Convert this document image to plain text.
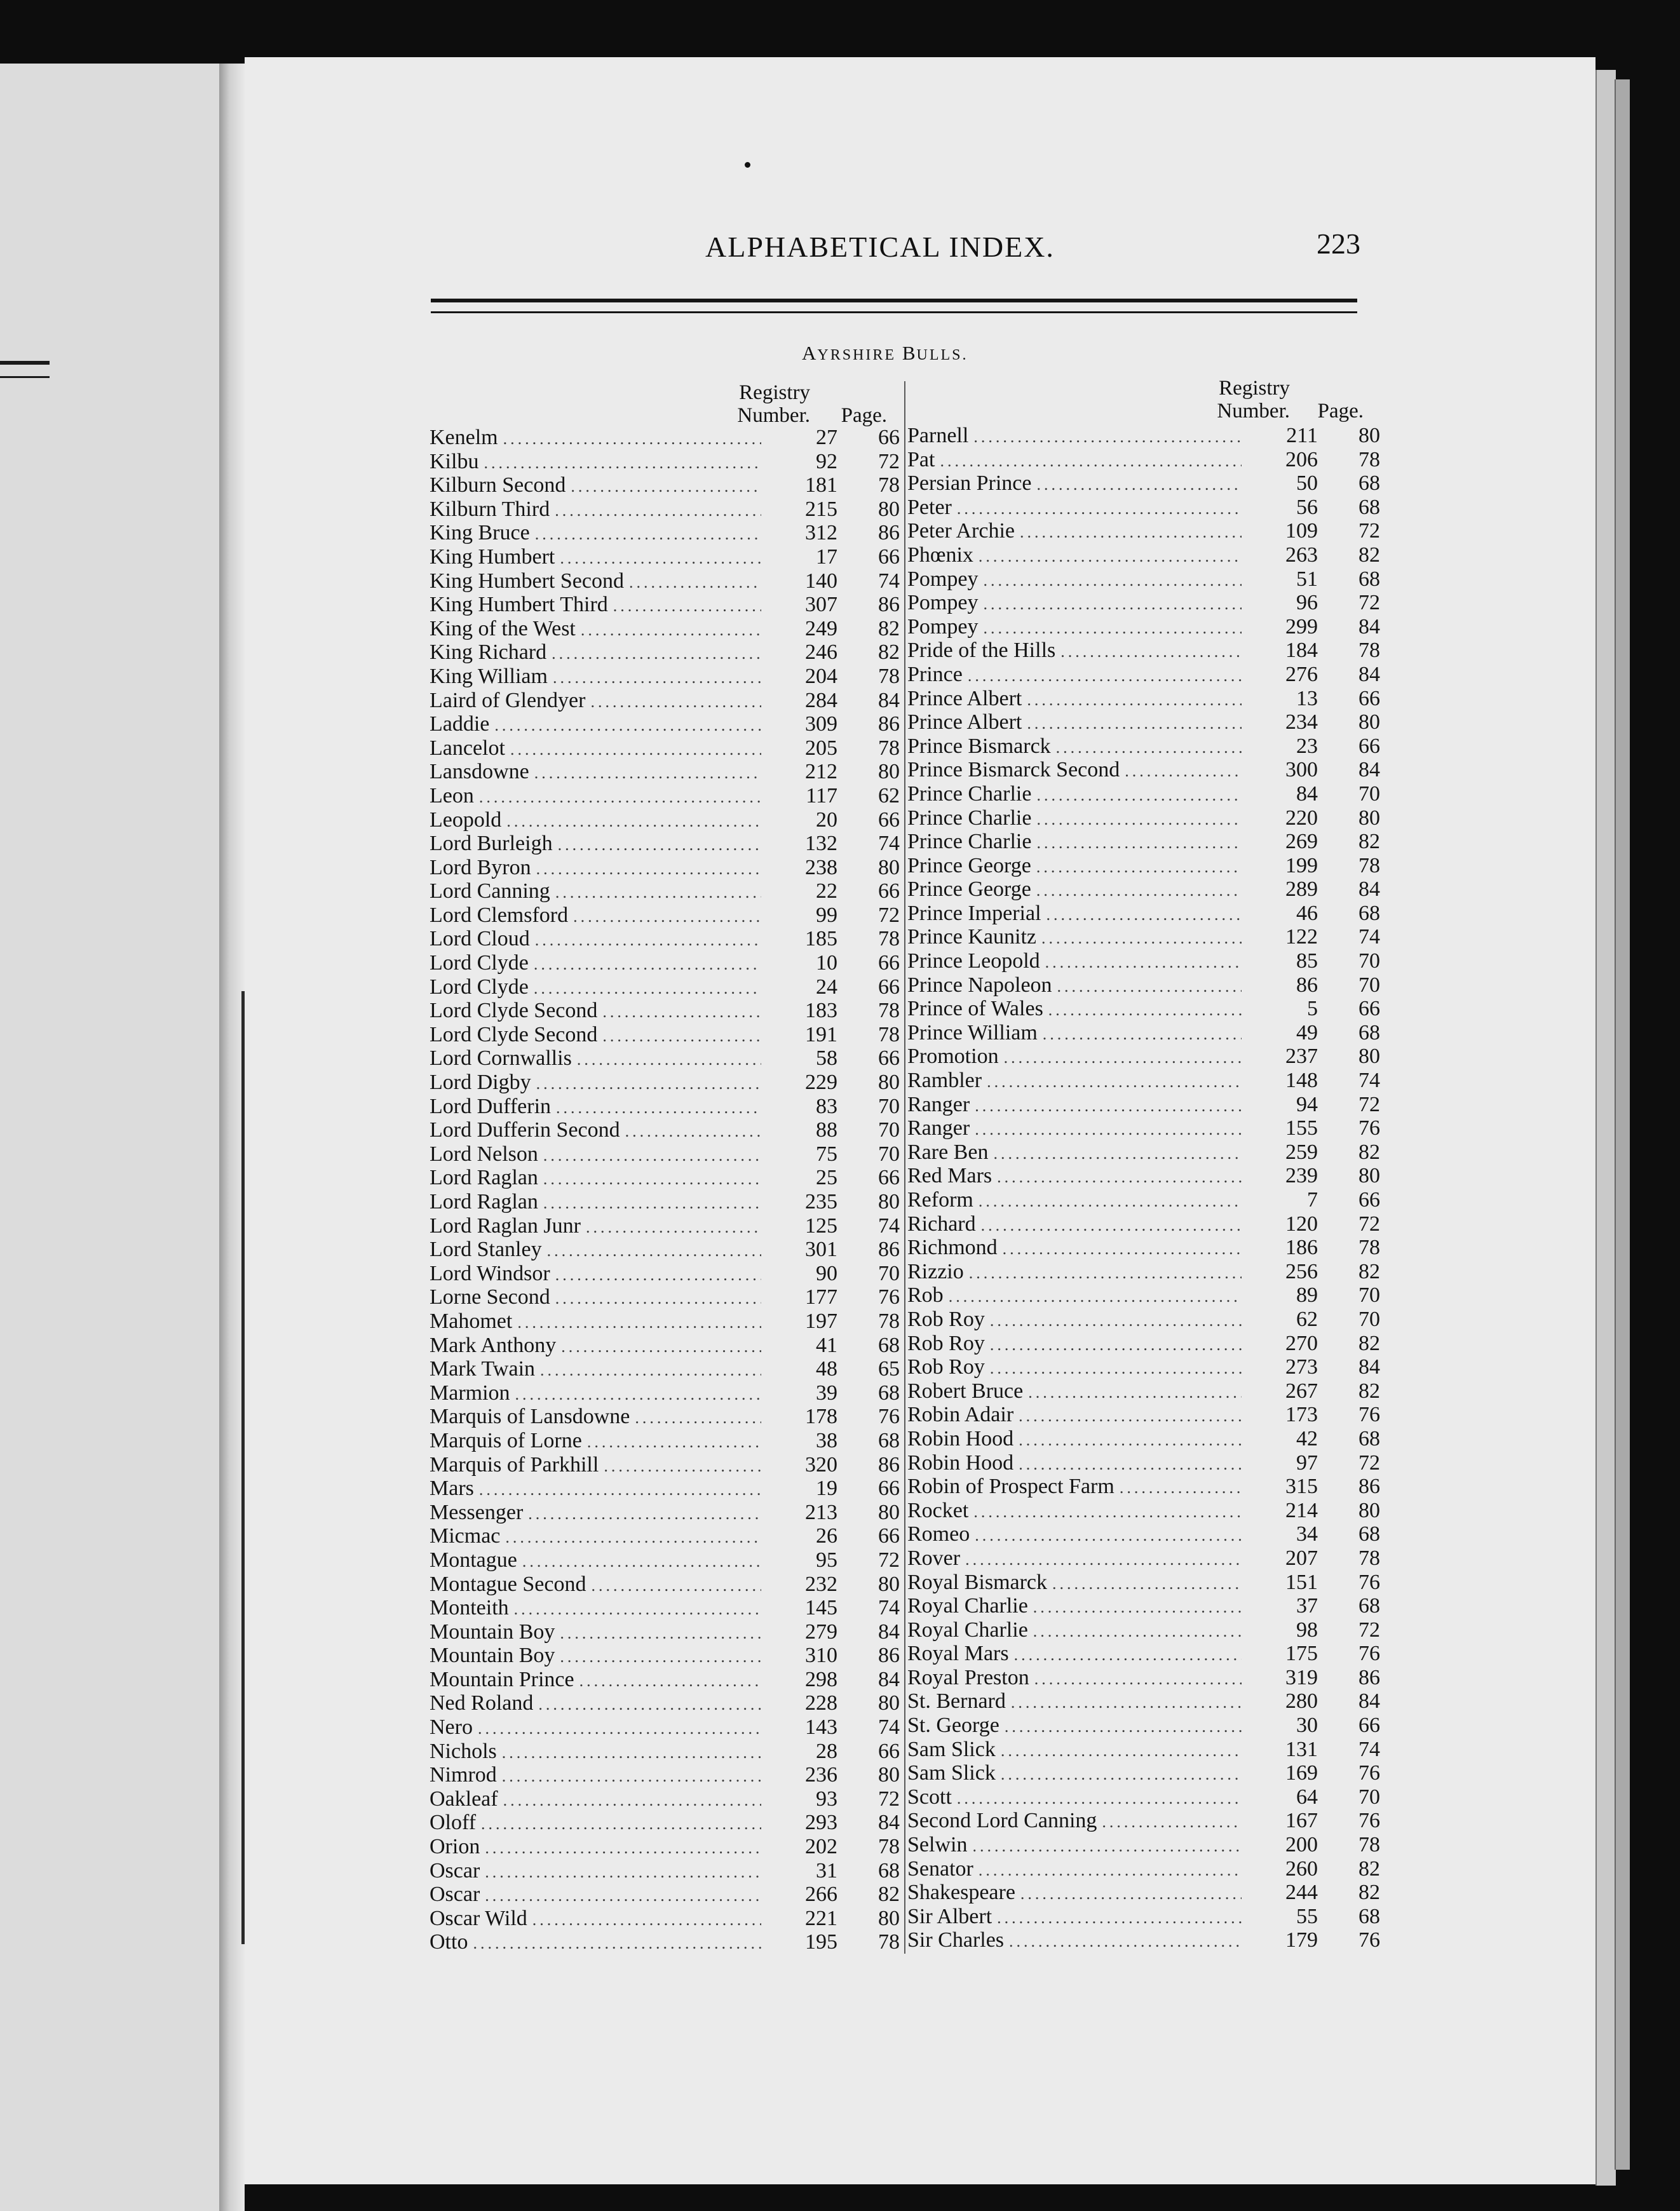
ALPHABETICAL INDEX.	223
AYRSHIRE BULLS.
Registry
Number.	Page.
Registry
Number.	Page.
Kenelm .....	27	66
Kilbu .....	92	72
Kilburn Second .....	181	78
Kilburn Third .....	215	80
King Bruce .....	312	86
King Humbert .....	17	66
King Humbert Second .....	140	74
King Humbert Third .....	307	86
King of the West .....	249	82
King Richard .....	246	82
King William .....	204	78
Laird of Glendyer .....	284	84
Laddie .....	309	86
Lancelot .....	205	78
Lansdowne .....	212	80
Leon .....	117	62
Leopold .....	20	66
Lord Burleigh .....	132	74
Lord Byron .....	238	80
Lord Canning .....	22	66
Lord Clemsford .....	99	72
Lord Cloud .....	185	78
Lord Clyde .....	10	66
Lord Clyde .....	24	66
Lord Clyde Second .....	183	78
Lord Clyde Second .....	191	78
Lord Cornwallis .....	58	66
Lord Digby .....	229	80
Lord Dufferin .....	83	70
Lord Dufferin Second .....	88	70
Lord Nelson .....	75	70
Lord Raglan .....	25	66
Lord Raglan .....	235	80
Lord Raglan Junr .....	125	74
Lord Stanley .....	301	86
Lord Windsor .....	90	70
Lorne Second .....	177	76
Mahomet .....	197	78
Mark Anthony .....	41	68
Mark Twain .....	48	65
Marmion .....	39	68
Marquis of Lansdowne .....	178	76
Marquis of Lorne .....	38	68
Marquis of Parkhill .....	320	86
Mars .....	19	66
Messenger .....	213	80
Micmac .....	26	66
Montague .....	95	72
Montague Second .....	232	80
Monteith .....	145	74
Mountain Boy .....	279	84
Mountain Boy .....	310	86
Mountain Prince .....	298	84
Ned Roland .....	228	80
Nero .....	143	74
Nichols .....	28	66
Nimrod .....	236	80
Oakleaf .....	93	72
Oloff .....	293	84
Orion .....	202	78
Oscar .....	31	68
Oscar .....	266	82
Oscar Wild .....	221	80
Otto .....	195	78
Parnell .....	211	80
Pat .....	206	78
Persian Prince .....	50	68
Peter .....	56	68
Peter Archie .....	109	72
Phœnix .....	263	82
Pompey .....	51	68
Pompey .....	96	72
Pompey .....	299	84
Pride of the Hills .....	184	78
Prince .....	276	84
Prince Albert .....	13	66
Prince Albert .....	234	80
Prince Bismarck .....	23	66
Prince Bismarck Second .....	300	84
Prince Charlie .....	84	70
Prince Charlie .....	220	80
Prince Charlie .....	269	82
Prince George .....	199	78
Prince George .....	289	84
Prince Imperial .....	46	68
Prince Kaunitz .....	122	74
Prince Leopold .....	85	70
Prince Napoleon .....	86	70
Prince of Wales .....	5	66
Prince William .....	49	68
Promotion .....	237	80
Rambler .....	148	74
Ranger .....	94	72
Ranger .....	155	76
Rare Ben .....	259	82
Red Mars .....	239	80
Reform .....	7	66
Richard .....	120	72
Richmond .....	186	78
Rizzio .....	256	82
Rob .....	89	70
Rob Roy .....	62	70
Rob Roy .....	270	82
Rob Roy .....	273	84
Robert Bruce .....	267	82
Robin Adair .....	173	76
Robin Hood .....	42	68
Robin Hood .....	97	72
Robin of Prospect Farm .....	315	86
Rocket .....	214	80
Romeo .....	34	68
Rover .....	207	78
Royal Bismarck .....	151	76
Royal Charlie .....	37	68
Royal Charlie .....	98	72
Royal Mars .....	175	76
Royal Preston .....	319	86
St. Bernard .....	280	84
St. George .....	30	66
Sam Slick .....	131	74
Sam Slick .....	169	76
Scott .....	64	70
Second Lord Canning .....	167	76
Selwin .....	200	78
Senator .....	260	82
Shakespeare .....	244	82
Sir Albert .....	55	68
Sir Charles .....	179	76
